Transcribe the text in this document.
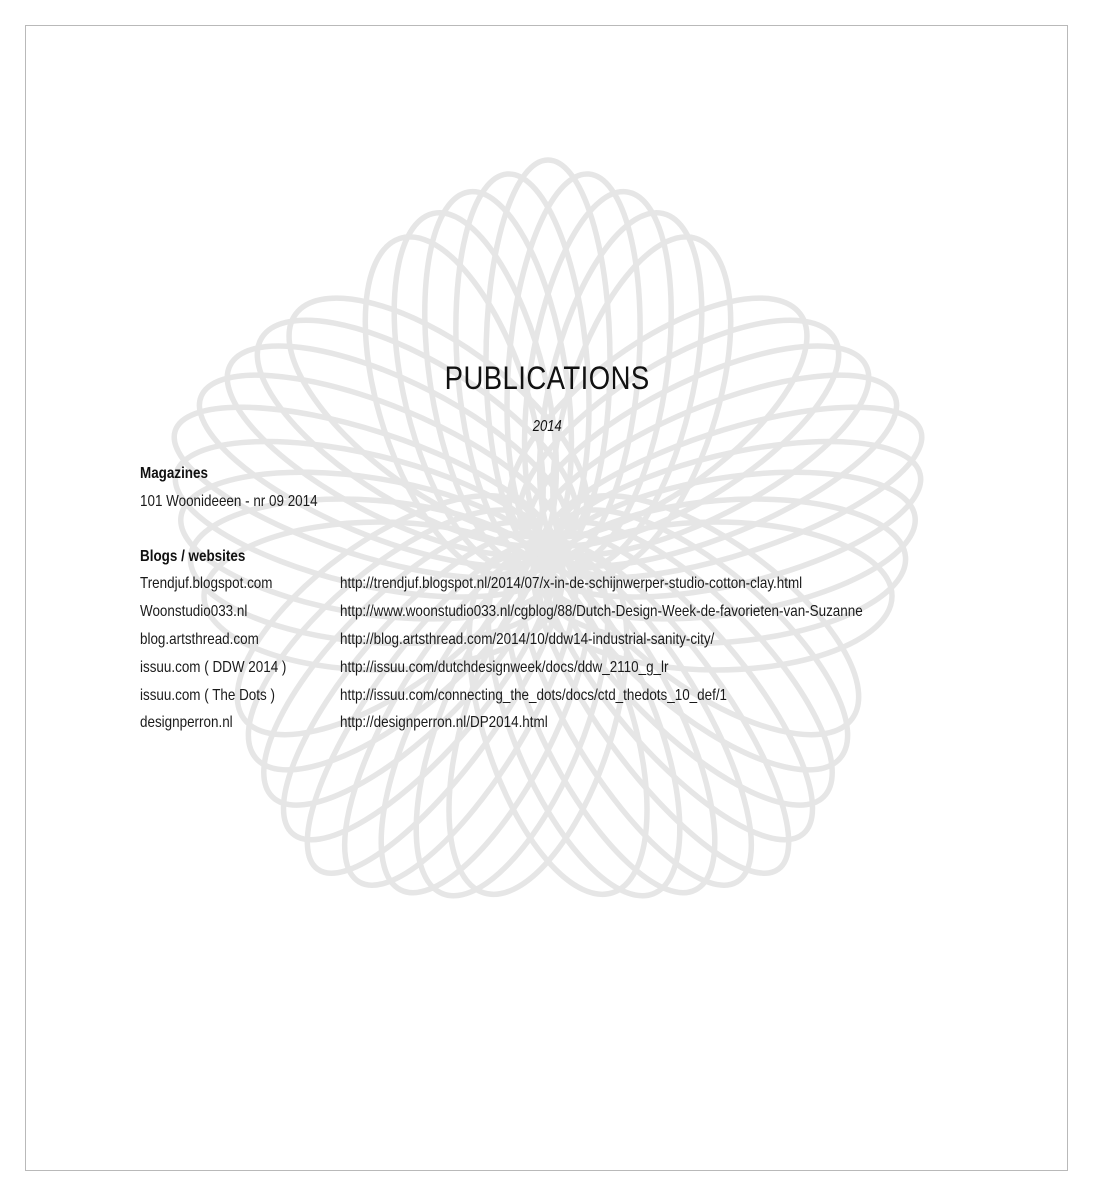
PUBLICATIONS
2014
Magazines
101 Woonideeen - nr 09 2014
Blogs / websites
Trendjuf.blogspot.com	http://trendjuf.blogspot.nl/2014/07/x-in-de-schijnwerper-studio-cotton-clay.html
Woonstudio033.nl	http://www.woonstudio033.nl/cgblog/88/Dutch-Design-Week-de-favorieten-van-Suzanne
blog.artsthread.com	http://blog.artsthread.com/2014/10/ddw14-industrial-sanity-city/
issuu.com ( DDW 2014 )	http://issuu.com/dutchdesignweek/docs/ddw_2110_g_lr
issuu.com ( The Dots )	http://issuu.com/connecting_the_dots/docs/ctd_thedots_10_def/1
designperron.nl	http://designperron.nl/DP2014.html
